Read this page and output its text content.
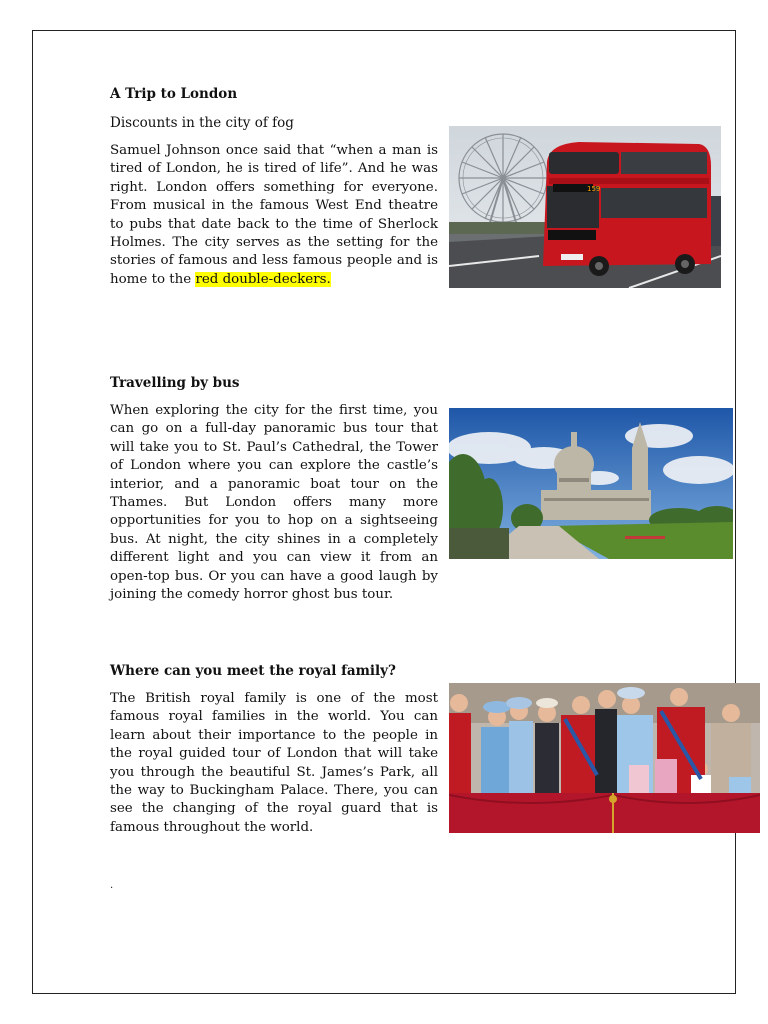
A Trip to London

Discounts in the city of fog

Samuel Johnson once said that “when a man is tired of London, he is tired of life”. And he was right. London offers something for everyone. From musical in the famous West End theatre to pubs that date back to the time of Sherlock Holmes. The city serves as the setting for the stories of famous and less famous people and is home to the red double-deckers.

159
Travelling by bus

When exploring the city for the first time, you can go on a full-day panoramic bus tour that will take you to St. Paul’s Cathedral, the Tower of London where you can explore the castle’s interior, and a panoramic boat tour on the Thames. But London offers many more opportunities for you to hop on a sightseeing bus. At night, the city shines in a completely different light and you can view it from an open-top bus. Or you can have a good laugh by joining the comedy horror ghost bus tour.

Where can you meet the royal family?

The British royal family is one of the most famous royal families in the world. You can learn about their importance to the people in the royal guided tour of London that will take you through the beautiful St. James’s Park, all the way to Buckingham Palace. There, you can see the changing of the royal guard that is famous throughout the world.

.
